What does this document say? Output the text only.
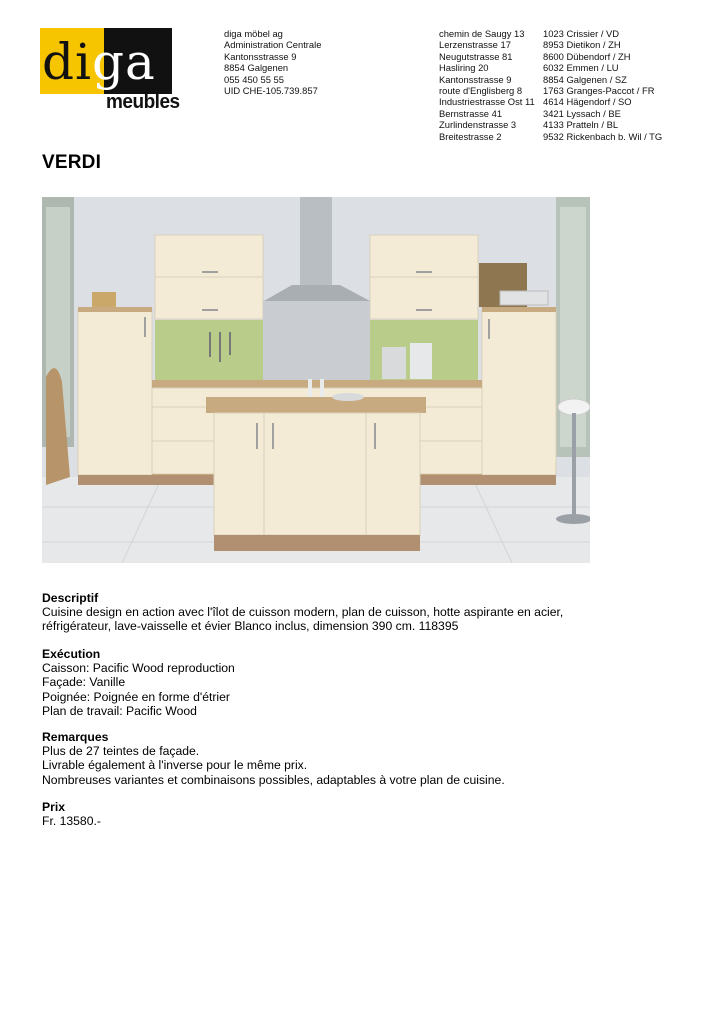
diga
meubles
diga möbel ag
Administration Centrale
Kantonsstrasse 9
8854 Galgenen
055 450 55 55
UID CHE-105.739.857
chemin de Saugy 13
Lerzenstrasse 17
Neugutstrasse 81
Hasliring 20
Kantonsstrasse 9
route d'Englisberg 8
Industriestrasse Ost 11
Bernstrasse 41
Zurlindenstrasse 3
Breitestrasse 2
1023 Crissier / VD
8953 Dietikon / ZH
8600 Dübendorf / ZH
6032 Emmen / LU
8854 Galgenen / SZ
1763 Granges-Paccot / FR
4614 Hägendorf / SO
3421 Lyssach / BE
4133 Pratteln / BL
9532 Rickenbach b. Wil / TG
VERDI
Descriptif

Cuisine design en action avec l'îlot de cuisson modern, plan de cuisson, hotte aspirante en acier,

réfrigérateur, lave-vaisselle et évier Blanco inclus, dimension 390 cm. 118395

Exécution

Caisson: Pacific Wood reproduction

Façade: Vanille

Poignée: Poignée en forme d'étrier

Plan de travail: Pacific Wood

Remarques

Plus de 27 teintes de façade.

Livrable également à l'inverse pour le même prix.

Nombreuses variantes et combinaisons possibles, adaptables à votre plan de cuisine.

Prix

Fr. 13580.-
